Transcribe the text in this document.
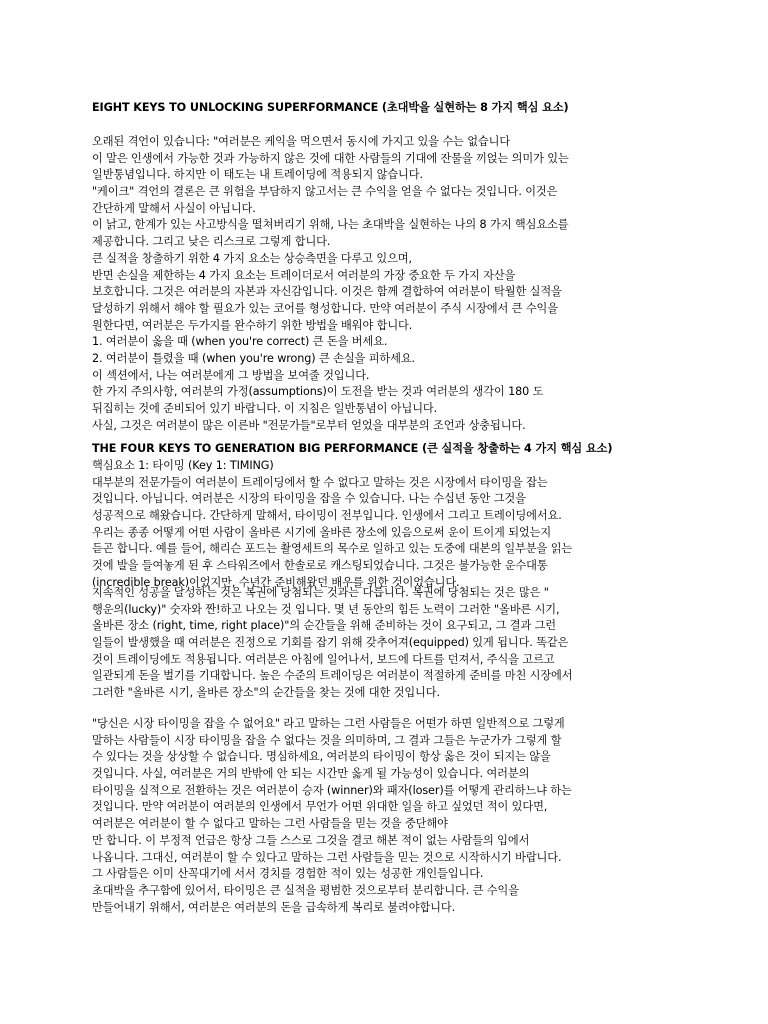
EIGHT KEYS TO UNLOCKING SUPERFORMANCE (초대박을 실현하는 8 가지 핵심 요소)
오래된 격언이 있습니다: "여러분은 케익을 먹으면서 동시에 가지고 있을 수는 없습니다
이 말은 인생에서 가능한 것과 가능하지 않은 것에 대한 사람들의 기대에 잔물을 끼얹는 의미가 있는
일반통념입니다. 하지만 이 태도는 내 트레이딩에 적용되지 않습니다.
"케이크" 격언의 결론은 큰 위험을 부담하지 않고서는 큰 수익을 얻을 수 없다는 것입니다. 이것은
간단하게 말해서 사실이 아닙니다.
이 낡고, 한계가 있는 사고방식을 떨쳐버리기 위해, 나는 초대박을 실현하는 나의 8 가지 핵심요소를
제공합니다. 그리고 낮은 리스크로 그렇게 합니다.
큰 실적을 창출하기 위한 4 가지 요소는 상승측면을 다루고 있으며,
반면 손실을 제한하는 4 가지 요소는 트레이더로서 여러분의 가장 중요한 두 가지 자산을
보호합니다. 그것은 여러분의 자본과 자신감입니다. 이것은 함께 결합하여 여러분이 탁월한 실적을
달성하기 위해서 해야 할 필요가 있는 코어를 형성합니다. 만약 여러분이 주식 시장에서 큰 수익을
원한다면, 여러분은 두가지를 완수하기 위한 방법을 배워야 합니다.
1. 여러분이 옳을 때 (when you're correct) 큰 돈을 버세요.
2. 여러분이 틀렸을 때 (when you're wrong) 큰 손실을 피하세요.
이 섹션에서, 나는 여러분에게 그 방법을 보여줄 것입니다.
한 가지 주의사항, 여러분의 가정(assumptions)이 도전을 받는 것과 여러분의 생각이 180 도
뒤집히는 것에 준비되어 있기 바랍니다. 이 지침은 일반통념이 아닙니다.
사실, 그것은 여러분이 많은 이른바 "전문가들"로부터 얻었을 대부분의 조언과 상충됩니다.
THE FOUR KEYS TO GENERATION BIG PERFORMANCE (큰 실적을 창출하는 4 가지 핵심 요소)
핵심요소 1: 타이밍 (Key 1: TIMING)
대부분의 전문가들이 여러분이 트레이딩에서 할 수 없다고 말하는 것은 시장에서 타이밍을 잡는
것입니다. 아닙니다. 여러분은 시장의 타이밍을 잡을 수 있습니다. 나는 수십년 동안 그것을
성공적으로 해왔습니다. 간단하게 말해서, 타이밍이 전부입니다. 인생에서 그리고 트레이딩에서요.
우리는 종종 어떻게 어떤 사람이 올바른 시기에 올바른 장소에 있음으로써 운이 트이게 되었는지
듣곤 합니다. 예를 들어, 해리슨 포드는 촬영세트의 목수로 일하고 있는 도중에 대본의 일부분을 읽는
것에 발을 들여놓게 된 후 스타워즈에서 한솔로로 캐스팅되었습니다. 그것은 불가능한 운수대통
(incredible break)이었지만, 수년간 준비해왔던 배우를 위한 것이었습니다.
지속적인 성공을 달성하는 것은 복권에 당첨되는 것과는 다릅니다. 복권에 당첨되는 것은 많은 "
행운의(lucky)" 숫자와 짠!하고 나오는 것 입니다. 몇 년 동안의 힘든 노력이 그러한 "올바른 시기,
올바른 장소 (right, time, right place)"의 순간들을 위해 준비하는 것이 요구되고, 그 결과 그런
일들이 발생했을 때 여러분은 진정으로 기회를 잡기 위해 갖추어져(equipped) 있게 됩니다. 똑같은
것이 트레이딩에도 적용됩니다. 여러분은 아침에 일어나서, 보드에 다트를 던져서, 주식을 고르고
일관되게 돈을 벌기를 기대합니다. 높은 수준의 트레이딩은 여러분이 적절하게 준비를 마친 시장에서
그러한 "올바른 시기, 올바른 장소"의 순간들을 찾는 것에 대한 것입니다.
"당신은 시장 타이밍을 잡을 수 없어요" 라고 말하는 그런 사람들은 어떤가 하면 일반적으로 그렇게
말하는 사람들이 시장 타이밍을 잡을 수 없다는 것을 의미하며, 그 결과 그들은 누군가가 그렇게 할
수 있다는 것을 상상할 수 없습니다. 명심하세요, 여러분의 타이밍이 항상 옳은 것이 되지는 않을
것입니다. 사실, 여러분은 거의 반밖에 안 되는 시간만 옳게 될 가능성이 있습니다. 여러분의
타이밍을 실적으로 전환하는 것은 여러분이 승자 (winner)와 패자(loser)를 어떻게 관리하느냐 하는
것입니다. 만약 여러분이 여러분의 인생에서 무언가 어떤 위대한 일을 하고 싶었던 적이 있다면,
여러분은 여러분이 할 수 없다고 말하는 그런 사람들을 믿는 것을 중단해야
만 합니다. 이 부정적 언급은 항상 그들 스스로 그것을 결코 해본 적이 없는 사람들의 입에서
나옵니다. 그대신, 여러분이 할 수 있다고 말하는 그런 사람들을 믿는 것으로 시작하시기 바랍니다.
그 사람들은 이미 산꼭대기에 서서 경치를 경험한 적이 있는 성공한 개인들입니다.
초대박을 추구함에 있어서, 타이밍은 큰 실적을 평범한 것으로부터 분리합니다. 큰 수익을
만들어내기 위해서, 여러분은 여러분의 돈을 급속하게 복리로 불려야합니다.
